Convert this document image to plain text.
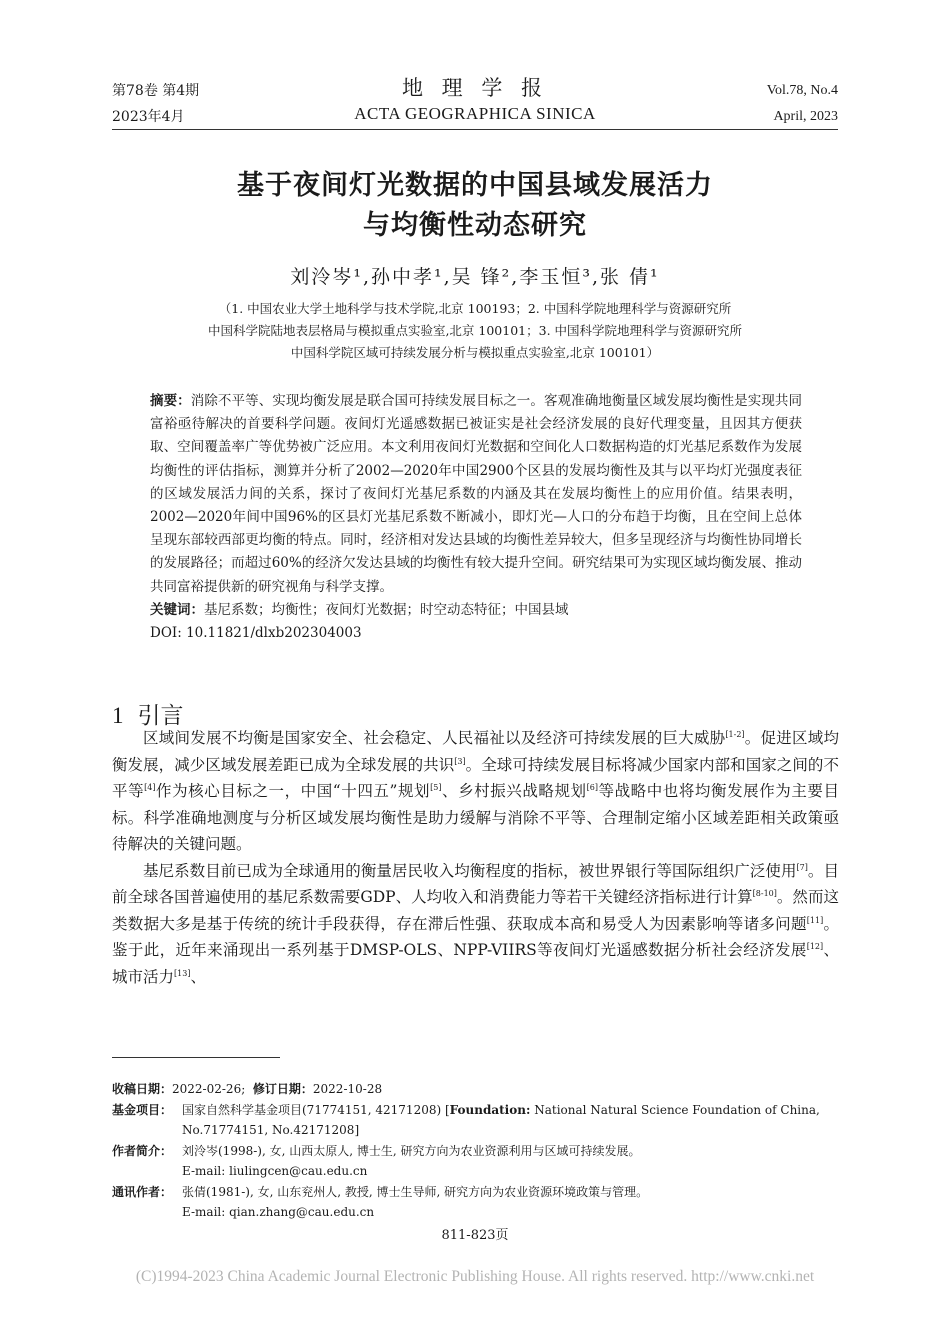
第78卷 第4期
2023年4月
地 理 学 报
ACTA GEOGRAPHICA SINICA
Vol.78, No.4
April, 2023
基于夜间灯光数据的中国县域发展活力
与均衡性动态研究
刘泠岑¹,孙中孝¹,吴 锋²,李玉恒³,张 倩¹
（1. 中国农业大学土地科学与技术学院,北京 100193；2. 中国科学院地理科学与资源研究所
中国科学院陆地表层格局与模拟重点实验室,北京 100101；3. 中国科学院地理科学与资源研究所
中国科学院区域可持续发展分析与模拟重点实验室,北京 100101）
摘要：消除不平等、实现均衡发展是联合国可持续发展目标之一。客观准确地衡量区域发展均衡性是实现共同富裕亟待解决的首要科学问题。夜间灯光遥感数据已被证实是社会经济发展的良好代理变量，且因其方便获取、空间覆盖率广等优势被广泛应用。本文利用夜间灯光数据和空间化人口数据构造的灯光基尼系数作为发展均衡性的评估指标，测算并分析了2002—2020年中国2900个区县的发展均衡性及其与以平均灯光强度表征的区域发展活力间的关系，探讨了夜间灯光基尼系数的内涵及其在发展均衡性上的应用价值。结果表明，2002—2020年间中国96%的区县灯光基尼系数不断减小，即灯光—人口的分布趋于均衡，且在空间上总体呈现东部较西部更均衡的特点。同时，经济相对发达县域的均衡性差异较大，但多呈现经济与均衡性协同增长的发展路径；而超过60%的经济欠发达县域的均衡性有较大提升空间。研究结果可为实现区域均衡发展、推动共同富裕提供新的研究视角与科学支撑。
关键词：基尼系数；均衡性；夜间灯光数据；时空动态特征；中国县域
DOI: 10.11821/dlxb202304003
1 引言

区域间发展不均衡是国家安全、社会稳定、人民福祉以及经济可持续发展的巨大威胁[1-2]。促进区域均衡发展，减少区域发展差距已成为全球发展的共识[3]。全球可持续发展目标将减少国家内部和国家之间的不平等[4]作为核心目标之一，中国“十四五”规划[5]、乡村振兴战略规划[6]等战略中也将均衡发展作为主要目标。科学准确地测度与分析区域发展均衡性是助力缓解与消除不平等、合理制定缩小区域差距相关政策亟待解决的关键问题。

基尼系数目前已成为全球通用的衡量居民收入均衡程度的指标，被世界银行等国际组织广泛使用[7]。目前全球各国普遍使用的基尼系数需要GDP、人均收入和消费能力等若干关键经济指标进行计算[8-10]。然而这类数据大多是基于传统的统计手段获得，存在滞后性强、获取成本高和易受人为因素影响等诸多问题[11]。鉴于此，近年来涌现出一系列基于DMSP-OLS、NPP-VIIRS等夜间灯光遥感数据分析社会经济发展[12]、城市活力[13]、

收稿日期：2022-02-26; 修订日期：2022-10-28
基金项目： 国家自然科学基金项目(71774151, 42171208) [Foundation: National Natural Science Foundation of China, No.71774151, No.42171208]
作者简介： 刘泠岑(1998-), 女, 山西太原人, 博士生, 研究方向为农业资源利用与区域可持续发展。
E-mail: liulingcen@cau.edu.cn
通讯作者： 张倩(1981-), 女, 山东兖州人, 教授, 博士生导师, 研究方向为农业资源环境政策与管理。
E-mail: qian.zhang@cau.edu.cn
811-823页
(C)1994-2023 China Academic Journal Electronic Publishing House. All rights reserved. http://www.cnki.net
